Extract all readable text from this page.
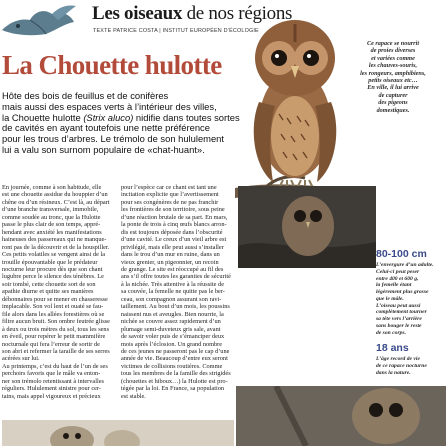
Les oiseaux de nos régions
TEXTE PATRICE COSTA | INSTITUT EUROPÉEN D’ÉCOLOGIE
Ce rapace se nourrit
de proies diverses
et variées comme
les chauves-souris,
les rongeurs, amphibiens,
petits oiseaux etc…
En ville, il lui arrive
de capturer
des pigeons
domestiques.
La Chouette hulotte
Hôte des bois de feuillus et de conifères
mais aussi des espaces verts à l’intérieur des villes,
la Chouette hulotte (Strix aluco) nidifie dans toutes sortes
de cavités en ayant toutefois une nette préférence
pour les trous d’arbres. Le trémolo de son hululement
lui a valu son surnom populaire de «chat-huant».
En journée, comme à son habitude, elle
est une chouette assidue du houppier d’un
chêne ou d’un résineux. C’est là, au départ
d’une branche transversale, immobile,
comme soudée au tronc, que la Hulotte
passe le plus clair de son temps, appré-
hendant avec anxiété les manifestations
haineuses des passereaux qui ne manque-
ront pas de la découvrir et de la houspiller.
Ces petits volatiles se vengent ainsi de la
trouille épouvantable que le prédateur
nocturne leur procure dès que son chant
lugubre perce le silence des ténèbres. Le
soir tombé, cette chouette sort de son
apathie diurne et quitte ses manières
débonnaires pour se mener en chasseresse
implacable. Son vol lent et ouaté se fau-
file alors dans les allées forestières où se
filtre aucun bruit. Son ombre feutrée glisse
à deux ou trois mètres du sol, tous les sens
en éveil, pour repérer le petit mammifère
nocturnale qui fera l’erreur de sortir de
son abri et refermer la taraille de ses serres
acérées sur lui.
Au printemps, c’est du haut de l’un de ses
perchoirs favoris que le mâle va enton-
ner son trémolo retentissant à intervalles
réguliers. Hululement sinistre pour cer-
tains, mais appel vigoureux et précieux
pour l’espèce car ce chant est tant une
incitation explicite que l’avertissement
pour ses congénères de ne pas franchir
les frontières de son territoire, sous peine
d’une réaction brutale de sa part. En mars,
la ponte de trois à cinq œufs blancs arron-
dis est toujours déposée dans l’obscurité
d’une cavité. Le creux d’un vieil arbre est
privilégié, mais elle peut aussi s’installer
dans le trou d’un mur en ruine, dans un
vieux grenier, un pigeonnier, un recoin
de grange. Le site est réoccupé au fil des
ans s’il offre toutes les garanties de sécurité
à la nichée. Très attentive à la réussite de
sa couvée, la femelle ne quitte pas le ber-
ceau, son compagnon assurant son ravi-
taillement. Au bout d’un mois, les poussins
naissent nus et aveugles. Bien nourrie, la
nichée se couvre assez rapidement d’un
plumage semi-duveteux gris sale, avant
de savoir voler puis de s’émanciper deux
mois après l’éclosion. Un grand nombre
de ces jeunes ne passeront pas le cap d’une
année de vie. Beaucoup d’entre eux seront
victimes de collisions routières. Comme
tous les membres de la famille des strigidés
(chouettes et hiboux…) la Hulotte est pro-
tégée par la loi. En France, sa population
est stable.
80-100 cm
L’envergure d’un adulte.
Celui-ci peut peser
entre 400 et 600 g,
la femelle étant
légèrement plus grosse
que le mâle.
L’oiseau peut aussi
complètement tourner
sa tête vers l’arrière
sans bouger le reste
de son corps.
18 ans
L’âge record de vie
de ce rapace nocturne
dans la nature.
